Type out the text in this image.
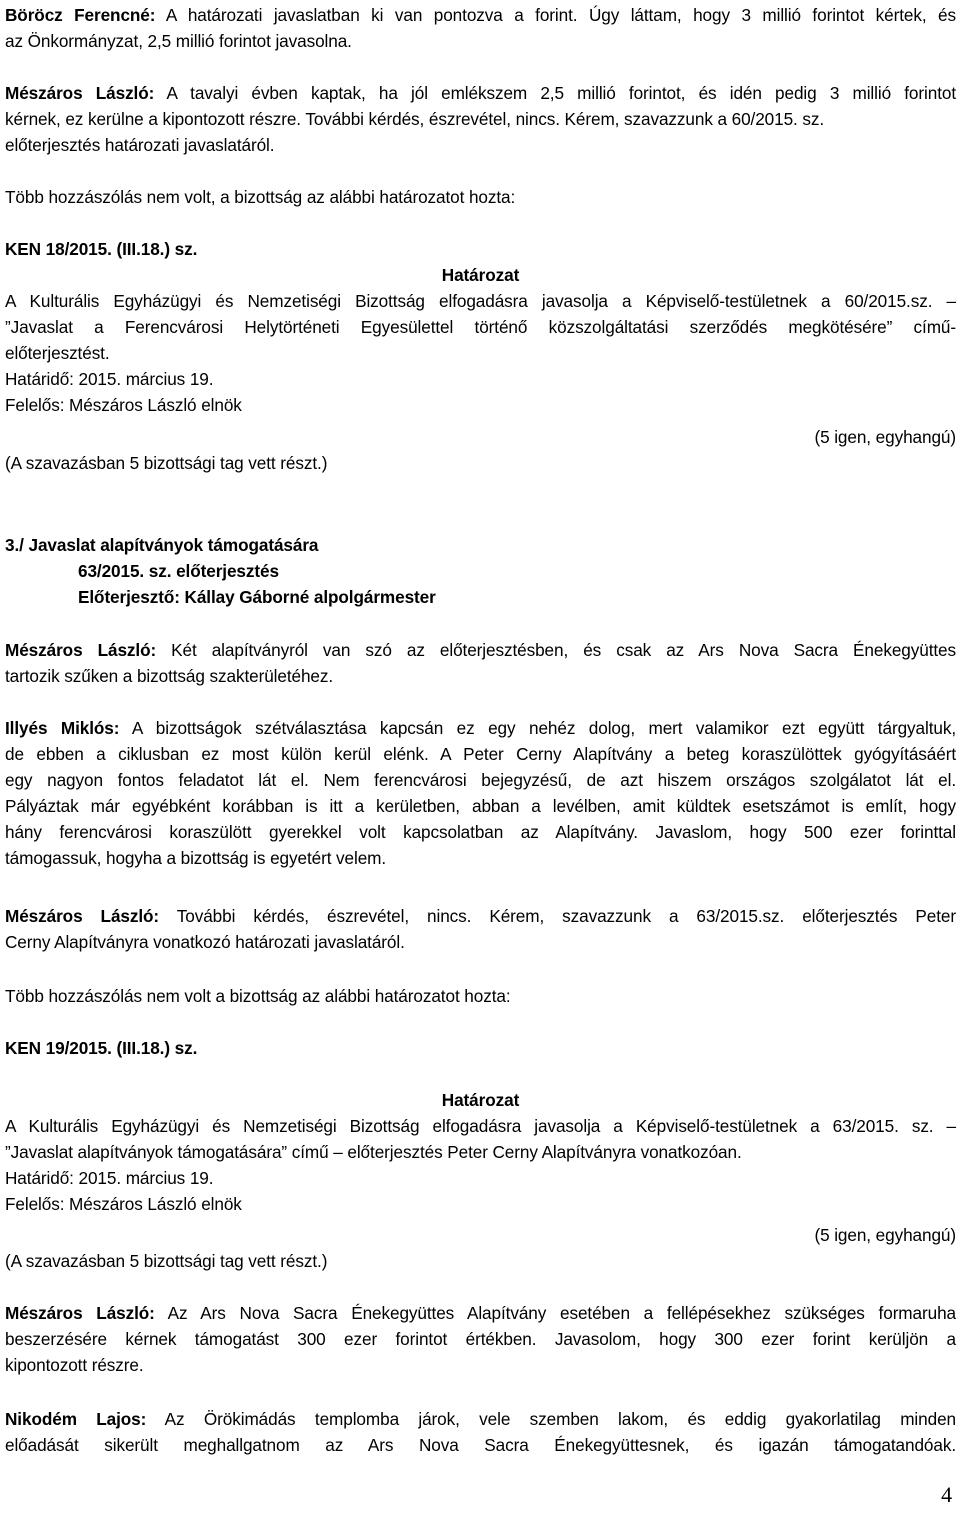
Böröcz Ferencné: A határozati javaslatban ki van pontozva a forint. Úgy láttam, hogy 3 millió forintot kértek, és
az Önkormányzat, 2,5 millió forintot javasolna.
Mészáros László: A tavalyi évben kaptak, ha jól emlékszem 2,5 millió forintot, és idén pedig 3 millió forintot
kérnek, ez kerülne a kipontozott részre. További kérdés, észrevétel, nincs. Kérem, szavazzunk a 60/2015. sz.
előterjesztés határozati javaslatáról.
Több hozzászólás nem volt, a bizottság az alábbi határozatot hozta:
KEN 18/2015. (III.18.) sz.
Határozat
A Kulturális Egyházügyi és Nemzetiségi Bizottság elfogadásra javasolja a Képviselő-testületnek a 60/2015.sz. –
”Javaslat a Ferencvárosi Helytörténeti Egyesülettel történő közszolgáltatási szerződés megkötésére” című-
előterjesztést.
Határidő: 2015. március 19.
Felelős: Mészáros László elnök
(5 igen, egyhangú)
(A szavazásban 5 bizottsági tag vett részt.)
3./ Javaslat alapítványok támogatására
63/2015. sz. előterjesztés
Előterjesztő: Kállay Gáborné alpolgármester
Mészáros László: Két alapítványról van szó az előterjesztésben, és csak az Ars Nova Sacra Énekegyüttes
tartozik szűken a bizottság szakterületéhez.
Illyés Miklós: A bizottságok szétválasztása kapcsán ez egy nehéz dolog, mert valamikor ezt együtt tárgyaltuk,
de ebben a ciklusban ez most külön kerül elénk. A Peter Cerny Alapítvány a beteg koraszülöttek gyógyításáért
egy nagyon fontos feladatot lát el. Nem ferencvárosi bejegyzésű, de azt hiszem országos szolgálatot lát el.
Pályáztak már egyébként korábban is itt a kerületben, abban a levélben, amit küldtek esetszámot is említ, hogy
hány ferencvárosi koraszülött gyerekkel volt kapcsolatban az Alapítvány. Javaslom, hogy 500 ezer forinttal
támogassuk, hogyha a bizottság is egyetért velem.
Mészáros László: További kérdés, észrevétel, nincs. Kérem, szavazzunk a 63/2015.sz. előterjesztés Peter
Cerny Alapítványra vonatkozó határozati javaslatáról.
Több hozzászólás nem volt a bizottság az alábbi határozatot hozta:
KEN 19/2015. (III.18.) sz.
Határozat
A Kulturális Egyházügyi és Nemzetiségi Bizottság elfogadásra javasolja a Képviselő-testületnek a 63/2015. sz. –
”Javaslat alapítványok támogatására” című – előterjesztés Peter Cerny Alapítványra vonatkozóan.
Határidő: 2015. március 19.
Felelős: Mészáros László elnök
(5 igen, egyhangú)
(A szavazásban 5 bizottsági tag vett részt.)
Mészáros László: Az Ars Nova Sacra Énekegyüttes Alapítvány esetében a fellépésekhez szükséges formaruha
beszerzésére kérnek támogatást 300 ezer forintot értékben. Javasolom, hogy 300 ezer forint kerüljön a
kipontozott részre.
Nikodém Lajos: Az Örökimádás templomba járok, vele szemben lakom, és eddig gyakorlatilag minden
előadását sikerült meghallgatnom az Ars Nova Sacra Énekegyüttesnek, és igazán támogatandóak.
4
